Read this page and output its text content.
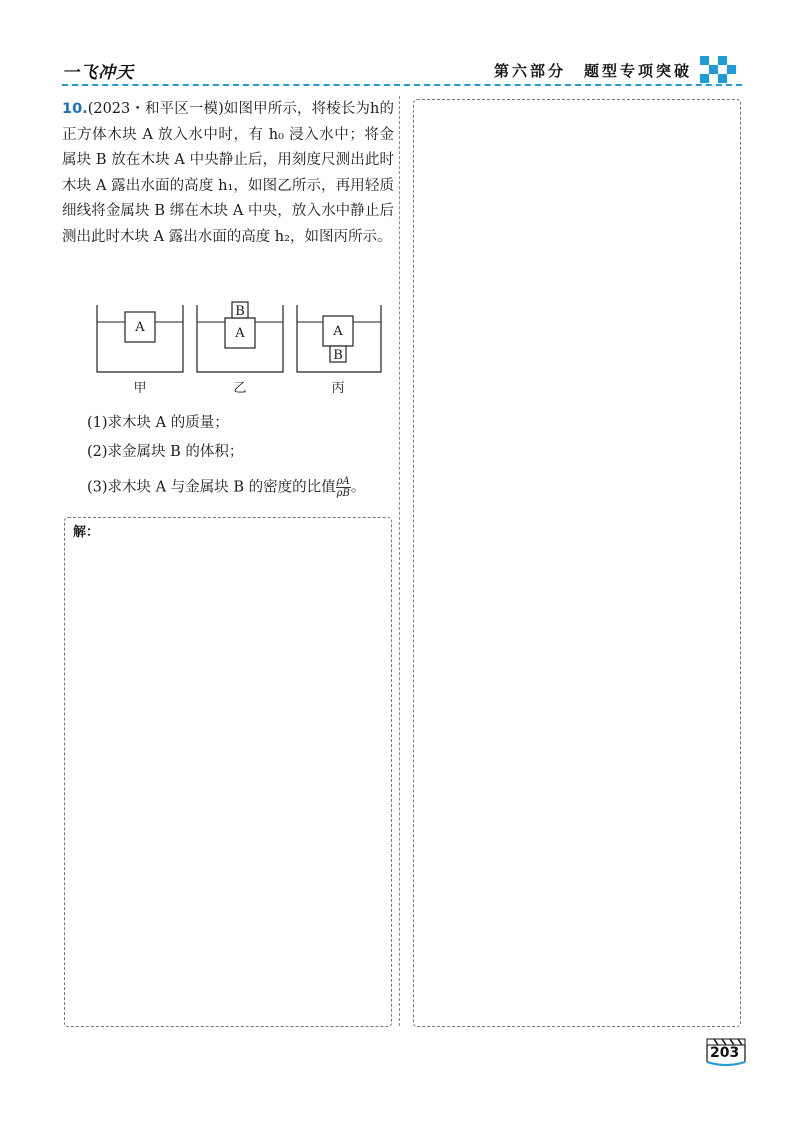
一飞冲天	第六部分　题型专项突破
10.(2023・和平区一模)如图甲所示，将棱长为h的正方体木块 A 放入水中时，有 h₀ 浸入水中；将金属块 B 放在木块 A 中央静止后，用刻度尺测出此时木块 A 露出水面的高度 h₁，如图乙所示，再用轻质细线将金属块 B 绑在木块 A 中央，放入水中静止后测出此时木块 A 露出水面的高度 h₂，如图丙所示。
A
甲
A
B
乙
A
B
丙
(1)求木块 A 的质量；
(2)求金属块 B 的体积；
(3)求木块 A 与金属块 B 的密度的比值 $\frac{\rho A}{\rho B}$ 。
解：
203
